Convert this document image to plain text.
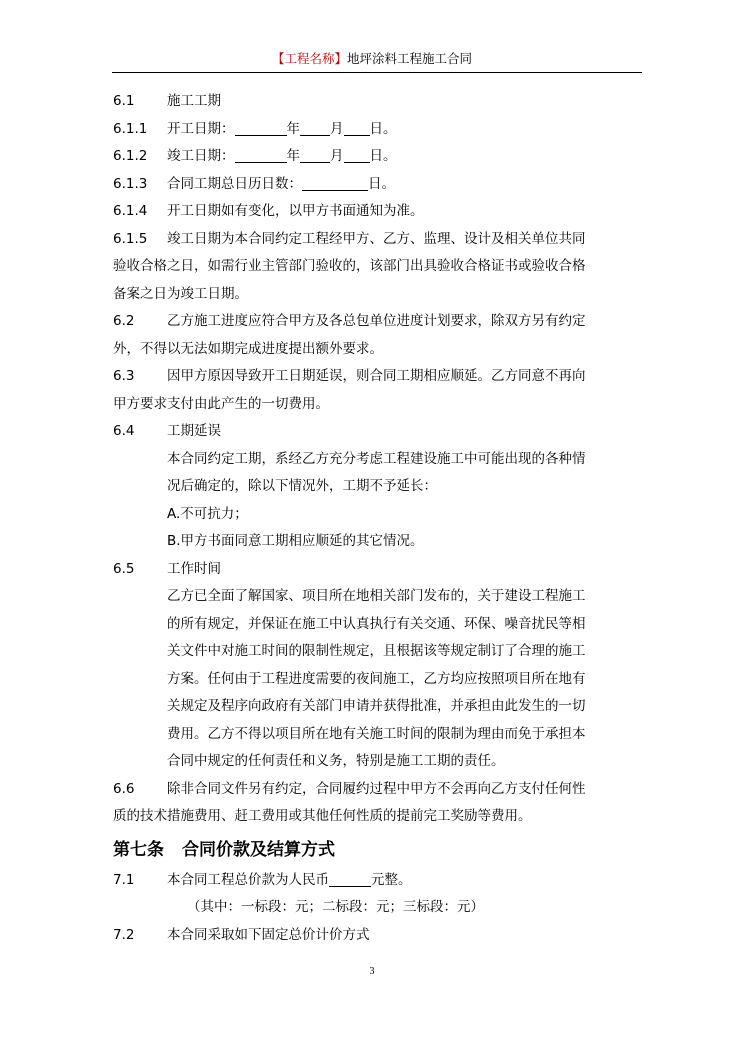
【工程名称】地坪涂料工程施工合同
6.1 施工工期
6.1.1 开工日期：	年 月 日。
6.1.2 竣工日期：	年 月 日。
6.1.3 合同工期总日历日数：	日。
6.1.4 开工日期如有变化，以甲方书面通知为准。
6.1.5 竣工日期为本合同约定工程经甲方、乙方、监理、设计及相关单位共同
验收合格之日，如需行业主管部门验收的，该部门出具验收合格证书或验收合格
备案之日为竣工日期。
6.2 乙方施工进度应符合甲方及各总包单位进度计划要求，除双方另有约定
外，不得以无法如期完成进度提出额外要求。
6.3 因甲方原因导致开工日期延误，则合同工期相应顺延。乙方同意不再向
甲方要求支付由此产生的一切费用。
6.4 工期延误
本合同约定工期，系经乙方充分考虑工程建设施工中可能出现的各种情
况后确定的，除以下情况外，工期不予延长：
A.不可抗力；
B.甲方书面同意工期相应顺延的其它情况。
6.5 工作时间
乙方已全面了解国家、项目所在地相关部门发布的，关于建设工程施工
的所有规定，并保证在施工中认真执行有关交通、环保、噪音扰民等相
关文件中对施工时间的限制性规定，且根据该等规定制订了合理的施工
方案。任何由于工程进度需要的夜间施工，乙方均应按照项目所在地有
关规定及程序向政府有关部门申请并获得批准，并承担由此发生的一切
费用。乙方不得以项目所在地有关施工时间的限制为理由而免于承担本
合同中规定的任何责任和义务，特别是施工工期的责任。
6.6 除非合同文件另有约定，合同履约过程中甲方不会再向乙方支付任何性
质的技术措施费用、赶工费用或其他任何性质的提前完工奖励等费用。
第七条 合同价款及结算方式
7.1 本合同工程总价款为人民币	元整。
（其中：一标段：元；二标段：元；三标段：元）
7.2 本合同采取如下固定总价计价方式
3
